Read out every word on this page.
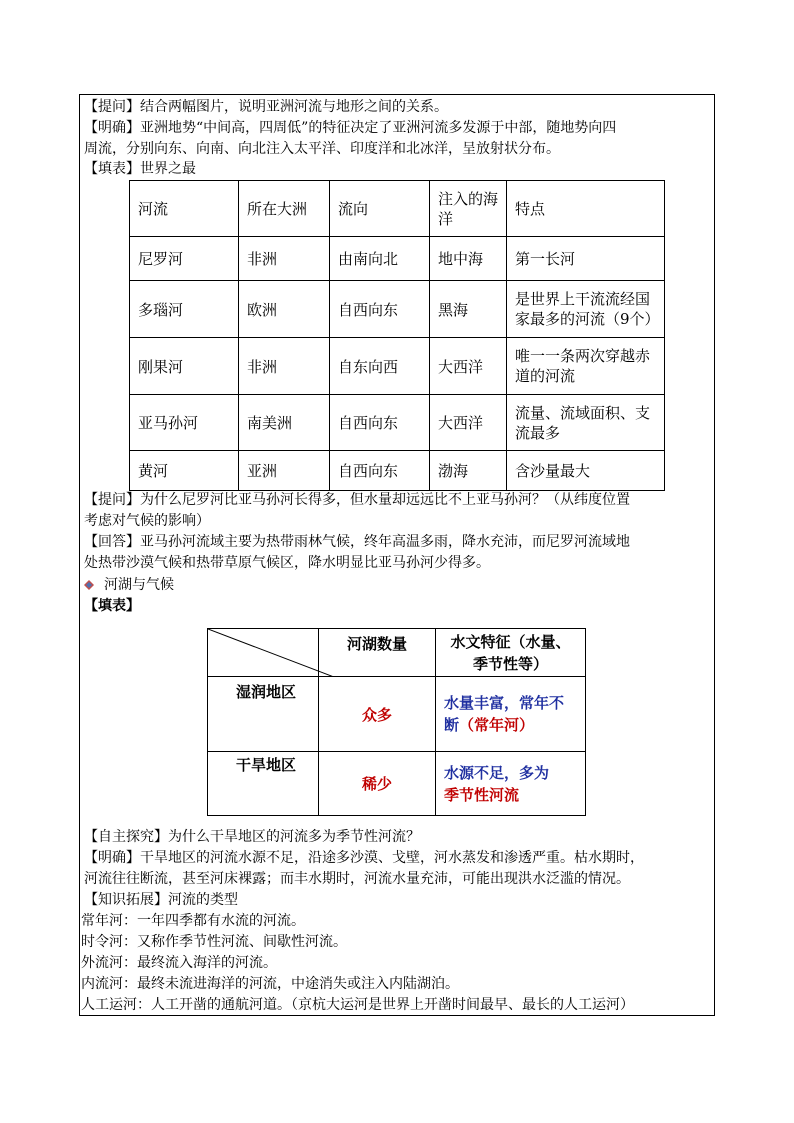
【提问】结合两幅图片，说明亚洲河流与地形之间的关系。
【明确】亚洲地势“中间高，四周低”的特征决定了亚洲河流多发源于中部，随地势向四
周流，分别向东、向南、向北注入太平洋、印度洋和北冰洋，呈放射状分布。
【填表】世界之最
河流	所在大洲	流向	注入的海洋	特点
尼罗河	非洲	由南向北	地中海	第一长河
多瑙河	欧洲	自西向东	黑海	是世界上干流流经国家最多的河流（9个）
刚果河	非洲	自东向西	大西洋	唯一一条两次穿越赤道的河流
亚马孙河	南美洲	自西向东	大西洋	流量、流域面积、支流最多
黄河	亚洲	自西向东	渤海	含沙量最大
【提问】为什么尼罗河比亚马孙河长得多，但水量却远远比不上亚马孙河？（从纬度位置
考虑对气候的影响）
【回答】亚马孙河流域主要为热带雨林气候，终年高温多雨，降水充沛，而尼罗河流域地
处热带沙漠气候和热带草原气候区，降水明显比亚马孙河少得多。
河湖与气候
【填表】
	河湖数量	水文特征（水量、季节性等）
湿润地区	众多	水量丰富，常年不断（常年河）
干旱地区	稀少	水源不足，多为
季节性河流
【自主探究】为什么干旱地区的河流多为季节性河流？
【明确】干旱地区的河流水源不足，沿途多沙漠、戈壁，河水蒸发和渗透严重。枯水期时，
河流往往断流，甚至河床裸露；而丰水期时，河流水量充沛，可能出现洪水泛滥的情况。
【知识拓展】河流的类型
常年河：一年四季都有水流的河流。
时令河：又称作季节性河流、间歇性河流。
外流河：最终流入海洋的河流。
内流河：最终未流进海洋的河流，中途消失或注入内陆湖泊。
人工运河：人工开凿的通航河道。（京杭大运河是世界上开凿时间最早、最长的人工运河）
